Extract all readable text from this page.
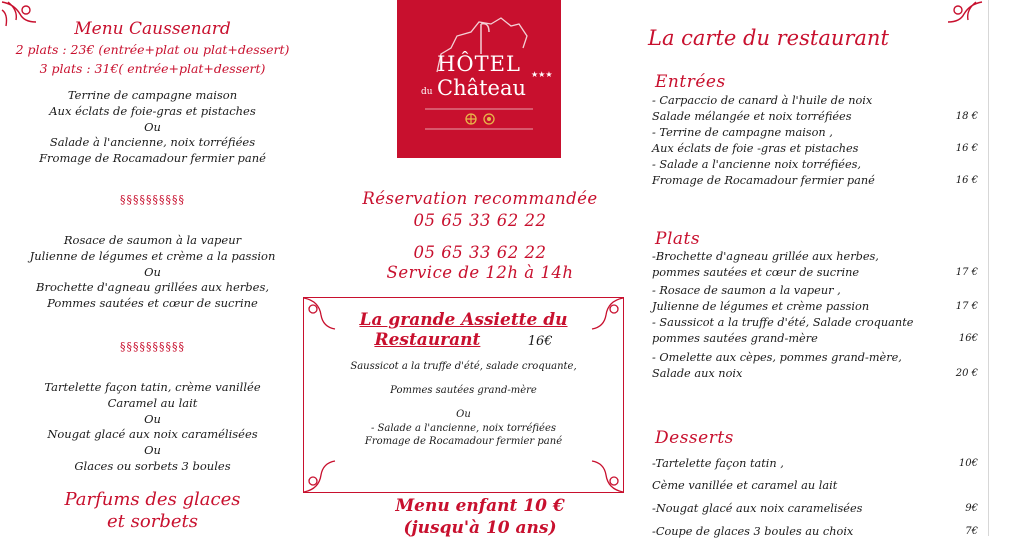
Menu Caussenard
2 plats : 23€ (entrée+plat ou plat+dessert)
3 plats : 31€( entrée+plat+dessert)
Terrine de campagne maison
Aux éclats de foie-gras et pistaches
Ou
Salade à l'ancienne, noix torréfiées
Fromage de Rocamadour fermier pané
§§§§§§§§§§
Rosace de saumon à la vapeur
Julienne de légumes et crème a la passion
Ou
Brochette d'agneau grillées aux herbes,
Pommes sautées et cœur de sucrine
§§§§§§§§§§
Tartelette façon tatin, crème vanillée
Caramel au lait
Ou
Nougat glacé aux noix caramélisées
Ou
Glaces ou sorbets 3 boules
Parfums des glaces
et sorbets
HÔTEL
du Château
★★★
Réservation recommandée
05 65 33 62 22
05 65 33 62 22
Service de 12h à 14h
La grande Assiette du
Restaurant	16€
Saussicot a la truffe d'été, salade croquante,
Pommes sautées grand-mère
Ou
- Salade a l'ancienne, noix torréfiées
Fromage de Rocamadour fermier pané
Menu enfant 10 €
(jusqu'à 10 ans)
La carte du restaurant
Entrées
- Carpaccio de canard à l'huile de noix
Salade mélangée et noix torréfiées	18 €
- Terrine de campagne maison ,
Aux éclats de foie -gras et pistaches	16 €
- Salade a l'ancienne noix torréfiées,
Fromage de Rocamadour fermier pané	16 €
Plats
-Brochette d'agneau grillée aux herbes,
pommes sautées et cœur de sucrine	17 €
- Rosace de saumon a la vapeur ,
Julienne de légumes et crème passion	17 €
- Saussicot a la truffe d'été, Salade croquante
pommes sautées grand-mère	16€
- Omelette aux cèpes, pommes grand-mère,
Salade aux noix	20 €
Desserts
-Tartelette façon tatin ,	10€
Cème vanillée et caramel au lait
-Nougat glacé aux noix caramelisées	9€
-Coupe de glaces 3 boules au choix	7€
